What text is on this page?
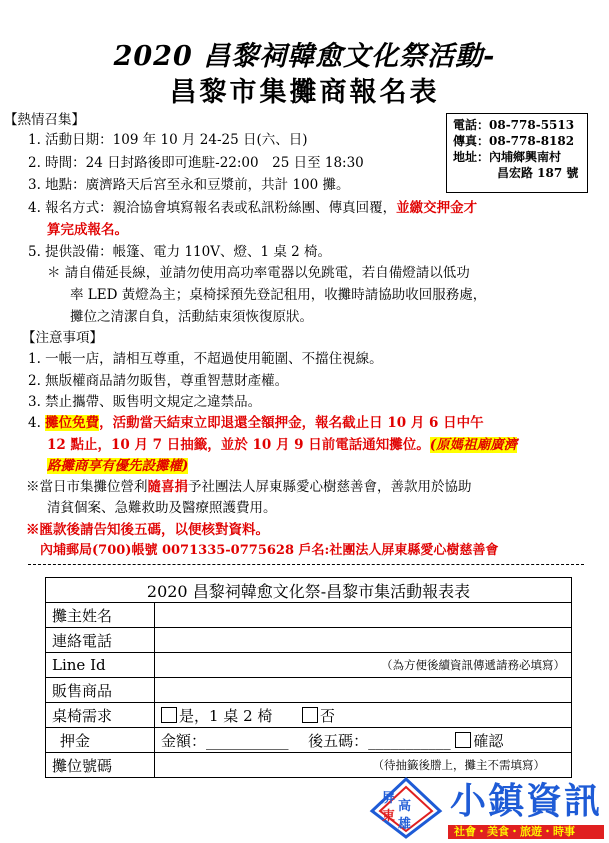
2020 昌黎祠韓愈文化祭活動-
昌黎市集攤商報名表
電話：08-778-5513
傳真：08-778-8182
地址：內埔鄉興南村
昌宏路 187 號
【熱情召集】
1. 活動日期：109 年 10 月 24-25 日(六、日)
2. 時間：24 日封路後即可進駐-22:00　25 日至 18:30
3. 地點：廣濟路天后宮至永和豆漿前，共計 100 攤。
4. 報名方式：親洽協會填寫報名表或私訊粉絲團、傳真回覆，並繳交押金才
算完成報名。
5. 提供設備：帳篷、電力 110V、燈、1 桌 2 椅。
＊ 請自備延長線，並請勿使用高功率電器以免跳電，若自備燈請以低功
率 LED 黃燈為主；桌椅採預先登記租用，收攤時請協助收回服務處，
攤位之清潔自負，活動結束須恢復原狀。
【注意事項】
1. 一帳一店，請相互尊重，不超過使用範圍、不擋住視線。
2. 無版權商品請勿販售，尊重智慧財產權。
3. 禁止攜帶、販售明文規定之違禁品。
4. 攤位免費，活動當天結束立即退還全額押金，報名截止日 10 月 6 日中午
12 點止，10 月 7 日抽籤，並於 10 月 9 日前電話通知攤位。(原媽祖廟廣濟
路攤商享有優先設攤權)
※當日市集攤位營利隨喜捐予社團法人屏東縣愛心樹慈善會，善款用於協助
清貧個案、急難救助及醫療照護費用。
※匯款後請告知後五碼，以便核對資料。
內埔郵局(700)帳號 0071335-0775628 戶名:社團法人屏東縣愛心樹慈善會
2020 昌黎祠韓愈文化祭-昌黎市集活動報表表	
攤主姓名	
連絡電話	
Line Id	（為方便後續資訊傳遞請務必填寫）

販售商品	
桌椅需求	是，1 桌 2 椅 否
押金	金額：___________ 後五碼：___________ 確認
攤位號碼	（待抽籤後謄上，攤主不需填寫）
屏
高
東
雄
小鎮資訊
社會・美食・旅遊・時事
